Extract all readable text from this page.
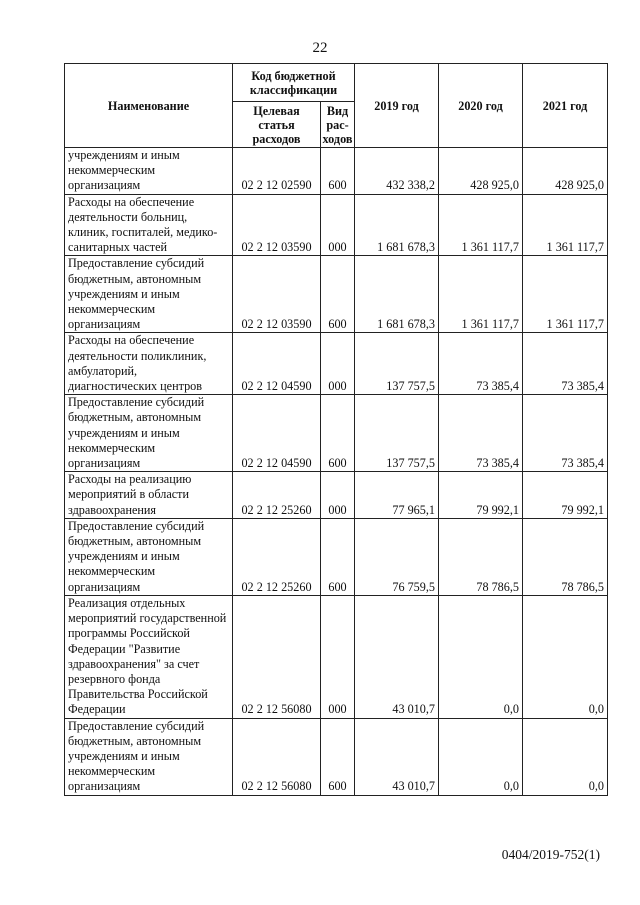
22
Наименование	Код бюджетной классификации		2019 год	2020 год	2021 год
	Целевая статья расходов	Вид рас-ходов			
учреждениям и иным некоммерческим организациям	02 2 12 02590	600	432 338,2	428 925,0	428 925,0
Расходы на обеспечение деятельности больниц, клиник, госпиталей, медико-санитарных частей	02 2 12 03590	000	1 681 678,3	1 361 117,7	1 361 117,7
Предоставление субсидий бюджетным, автономным учреждениям и иным некоммерческим организациям	02 2 12 03590	600	1 681 678,3	1 361 117,7	1 361 117,7
Расходы на обеспечение деятельности поликлиник, амбулаторий, диагностических центров	02 2 12 04590	000	137 757,5	73 385,4	73 385,4
Предоставление субсидий бюджетным, автономным учреждениям и иным некоммерческим организациям	02 2 12 04590	600	137 757,5	73 385,4	73 385,4
Расходы на реализацию мероприятий в области здравоохранения	02 2 12 25260	000	77 965,1	79 992,1	79 992,1
Предоставление субсидий бюджетным, автономным учреждениям и иным некоммерческим организациям	02 2 12 25260	600	76 759,5	78 786,5	78 786,5
Реализация отдельных мероприятий государственной программы Российской Федерации "Развитие здравоохранения" за счет резервного фонда Правительства Российской Федерации	02 2 12 56080	000	43 010,7	0,0	0,0
Предоставление субсидий бюджетным, автономным учреждениям и иным некоммерческим организациям	02 2 12 56080	600	43 010,7	0,0	0,0
0404/2019-752(1)
